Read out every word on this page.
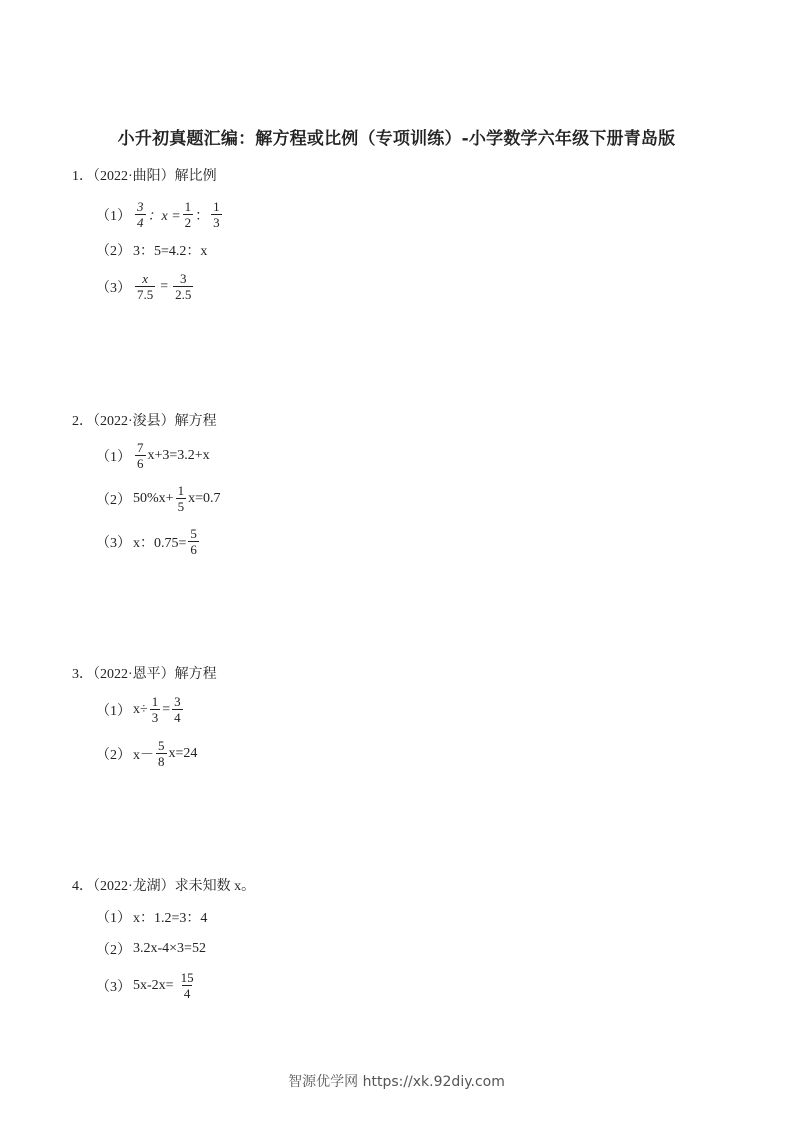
小升初真题汇编：解方程或比例（专项训练）-小学数学六年级下册青岛版
1．（2022·曲阳）解比例
$(1) \frac{3}{4}$ ：$x = \frac{1}{2}$ ： $\frac{1}{3}$
（2） 3：5=4.2：x
$(3) \frac{x}{7.5} = \frac{3}{2.5}$
2．（2022·浚县）解方程
$(1) \frac{7}{6} x+3=3.2+x$
（2） $50\%x+ \frac{1}{5} x=0.7$
（3） x：$0.75= \frac{5}{6}$
3．（2022·恩平）解方程
（1） $x\div \frac{1}{3} = \frac{3}{4}$
（2） $x- \frac{5}{8} x=24$
4．（2022·龙湖）求未知数 x。
（1） x：1.2=3：4
（2） 3.2x-4×3=52
（3） $5x-2x= \frac{15}{4}$
智源优学网 https://xk.92diy.com
